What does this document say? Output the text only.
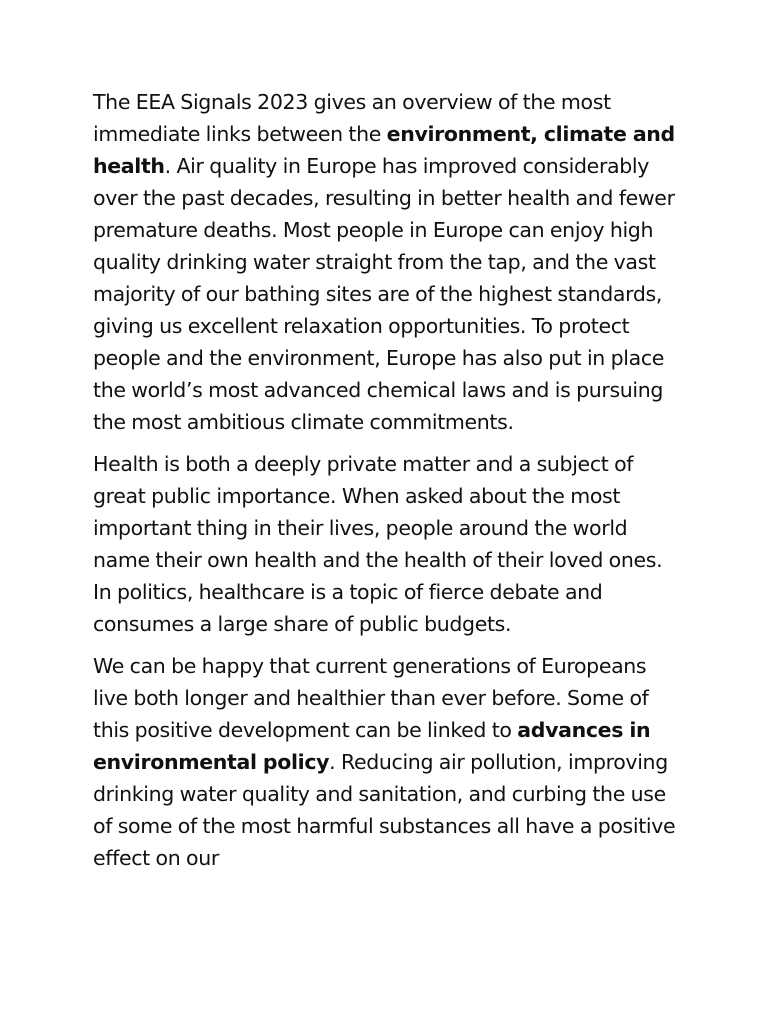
The EEA Signals 2023 gives an overview of the most immediate links between the environment, climate and health. Air quality in Europe has improved considerably over the past decades, resulting in better health and fewer premature deaths. Most people in Europe can enjoy high quality drinking water straight from the tap, and the vast majority of our bathing sites are of the highest standards, giving us excellent relaxation opportunities. To protect people and the environment, Europe has also put in place the world’s most advanced chemical laws and is pursuing the most ambitious climate commitments.

Health is both a deeply private matter and a subject of great public importance. When asked about the most important thing in their lives, people around the world name their own health and the health of their loved ones. In politics, healthcare is a topic of fierce debate and consumes a large share of public budgets.

We can be happy that current generations of Europeans live both longer and healthier than ever before. Some of this positive development can be linked to advances in environmental policy. Reducing air pollution, improving drinking water quality and sanitation, and curbing the use of some of the most harmful substances all have a positive effect on our
